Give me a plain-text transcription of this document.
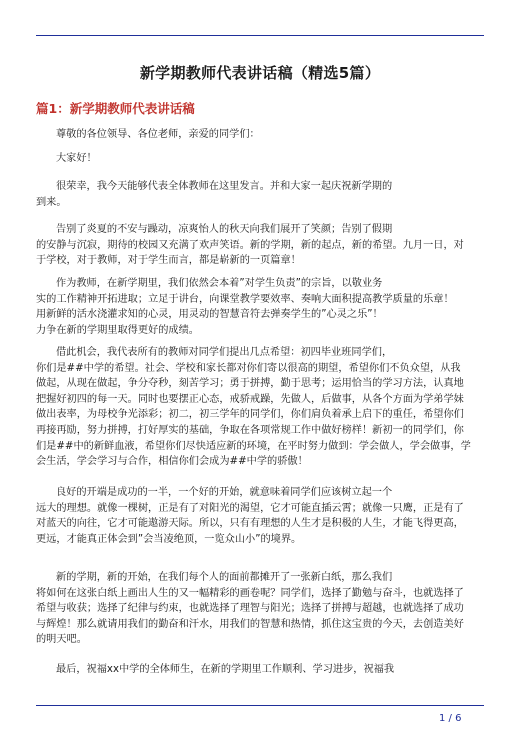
新学期教师代表讲话稿（精选5篇）
篇1：新学期教师代表讲话稿
尊敬的各位领导、各位老师，亲爱的同学们：
大家好！
很荣幸，我今天能够代表全体教师在这里发言。并和大家一起庆祝新学期的
到来。
告别了炎夏的不安与躁动，凉爽怡人的秋天向我们展开了笑颜；告别了假期
的安静与沉寂，期待的校园又充满了欢声笑语。新的学期，新的起点，新的希望。九月一日，对
于学校，对于教师，对于学生而言，都是崭新的一页篇章！
作为教师，在新学期里，我们依然会本着”对学生负责”的宗旨，以敬业务
实的工作精神开拓进取；立足于讲台，向课堂教学要效率、奏响大面积提高教学质量的乐章！
用新鲜的活水浇灌求知的心灵，用灵动的智慧音符去弹奏学生的”心灵之乐”！
力争在新的学期里取得更好的成绩。
借此机会，我代表所有的教师对同学们提出几点希望：初四毕业班同学们，
你们是##中学的希望。社会、学校和家长都对你们寄以很高的期望，希望你们不负众望，从我
做起，从现在做起，争分夺秒，刻苦学习；勇于拼搏，勤于思考；运用恰当的学习方法，认真地
把握好初四的每一天。同时也要摆正心态，戒骄戒躁，先做人，后做事，从各个方面为学弟学妹
做出表率，为母校争光添彩；初二，初三学年的同学们，你们肩负着承上启下的重任，希望你们
再接再励，努力拼搏，打好厚实的基础，争取在各项常规工作中做好榜样！新初一的同学们，你
们是##中的新鲜血液，希望你们尽快适应新的环境，在平时努力做到：学会做人，学会做事，学
会生活，学会学习与合作，相信你们会成为##中学的骄傲！
良好的开端是成功的一半，一个好的开始，就意味着同学们应该树立起一个
远大的理想。就像一棵树，正是有了对阳光的渴望，它才可能直插云霄；就像一只鹰，正是有了
对蓝天的向往，它才可能遨游天际。所以，只有有理想的人生才是积极的人生，才能飞得更高，
更远，才能真正体会到”会当凌绝顶，一览众山小”的境界。
新的学期，新的开始，在我们每个人的面前都摊开了一张新白纸，那么我们
将如何在这张白纸上画出人生的又一幅精彩的画卷呢？同学们，选择了勤勉与奋斗，也就选择了
希望与收获；选择了纪律与约束，也就选择了理智与阳光；选择了拼搏与超越，也就选择了成功
与辉煌！那么就请用我们的勤奋和汗水，用我们的智慧和热情，抓住这宝贵的今天，去创造美好
的明天吧。
最后，祝福xx中学的全体师生，在新的学期里工作顺利、学习进步，祝福我
1 / 6
